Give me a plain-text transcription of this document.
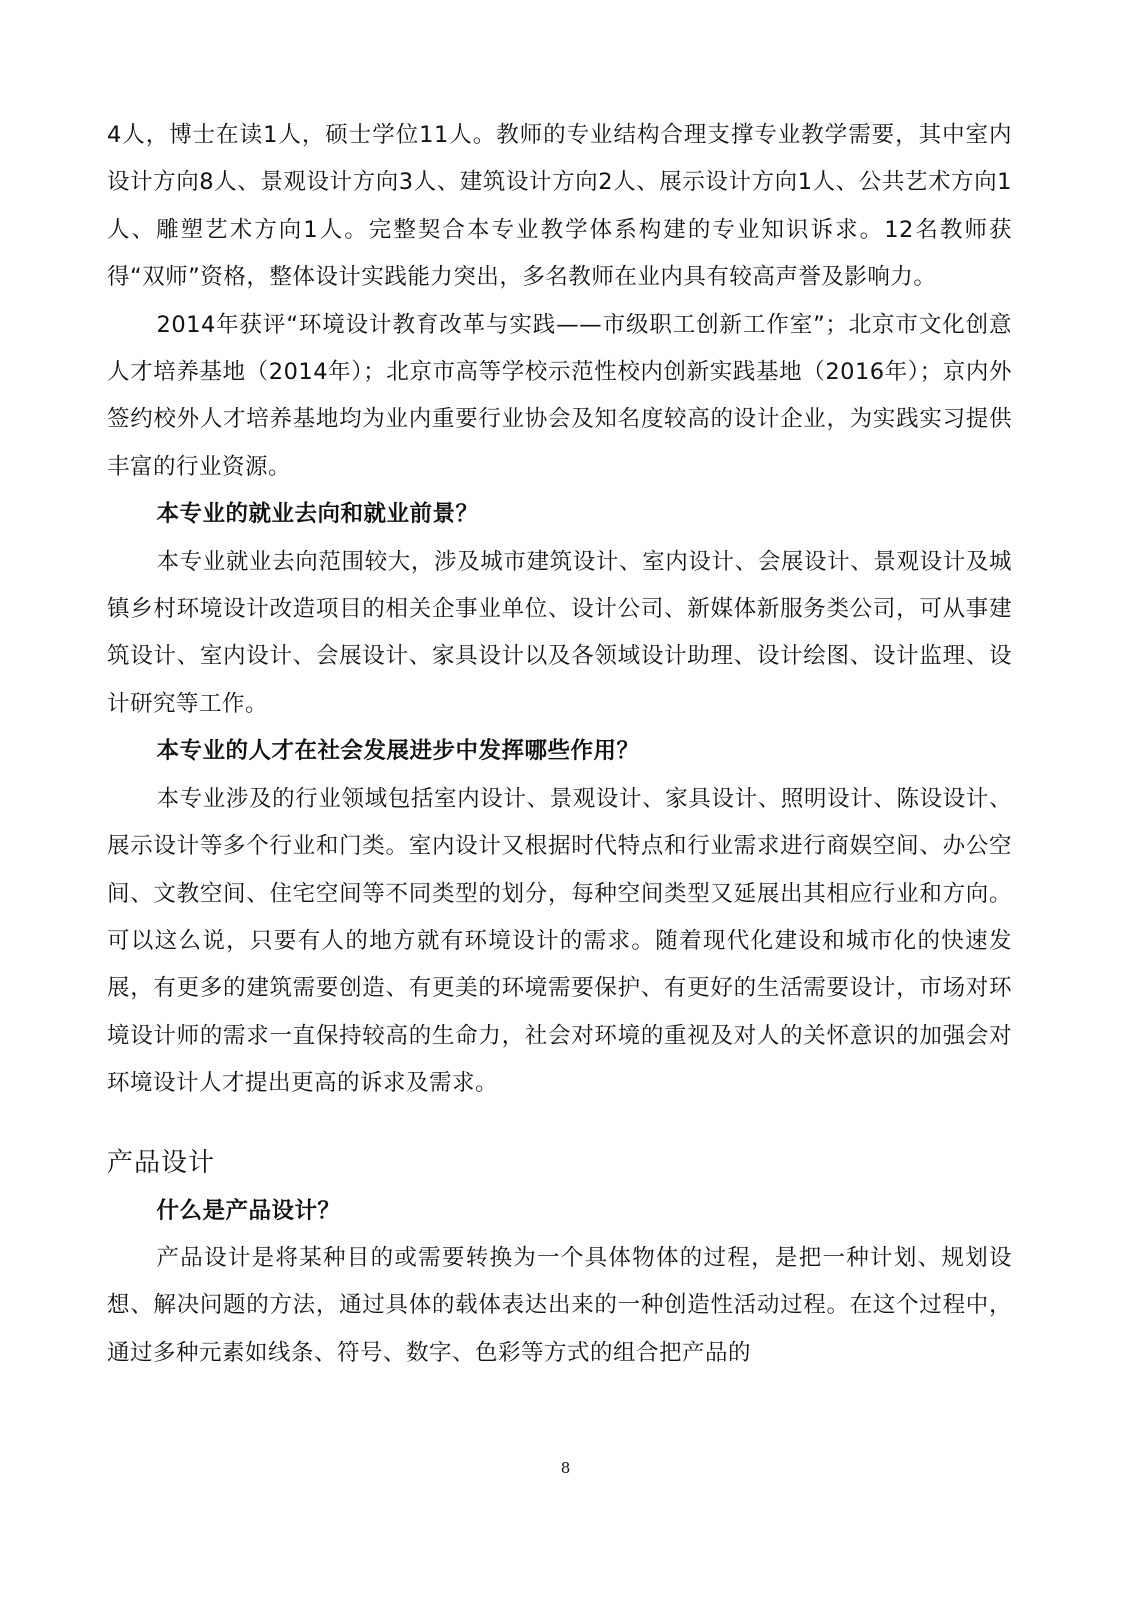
4人，博士在读1人，硕士学位11人。教师的专业结构合理支撑专业教学需要，其中室内设计方向8人、景观设计方向3人、建筑设计方向2人、展示设计方向1人、公共艺术方向1人、雕塑艺术方向1人。完整契合本专业教学体系构建的专业知识诉求。12名教师获得“双师”资格，整体设计实践能力突出，多名教师在业内具有较高声誉及影响力。

2014年获评“环境设计教育改革与实践——市级职工创新工作室”；北京市文化创意人才培养基地（2014年）；北京市高等学校示范性校内创新实践基地（2016年）；京内外签约校外人才培养基地均为业内重要行业协会及知名度较高的设计企业，为实践实习提供丰富的行业资源。

本专业的就业去向和就业前景？

本专业就业去向范围较大，涉及城市建筑设计、室内设计、会展设计、景观设计及城镇乡村环境设计改造项目的相关企事业单位、设计公司、新媒体新服务类公司，可从事建筑设计、室内设计、会展设计、家具设计以及各领域设计助理、设计绘图、设计监理、设计研究等工作。

本专业的人才在社会发展进步中发挥哪些作用？

本专业涉及的行业领域包括室内设计、景观设计、家具设计、照明设计、陈设设计、展示设计等多个行业和门类。室内设计又根据时代特点和行业需求进行商娱空间、办公空间、文教空间、住宅空间等不同类型的划分，每种空间类型又延展出其相应行业和方向。可以这么说，只要有人的地方就有环境设计的需求。随着现代化建设和城市化的快速发展，有更多的建筑需要创造、有更美的环境需要保护、有更好的生活需要设计，市场对环境设计师的需求一直保持较高的生命力，社会对环境的重视及对人的关怀意识的加强会对环境设计人才提出更高的诉求及需求。

产品设计

什么是产品设计？

产品设计是将某种目的或需要转换为一个具体物体的过程，是把一种计划、规划设想、解决问题的方法，通过具体的载体表达出来的一种创造性活动过程。在这个过程中，通过多种元素如线条、符号、数字、色彩等方式的组合把产品的

8
